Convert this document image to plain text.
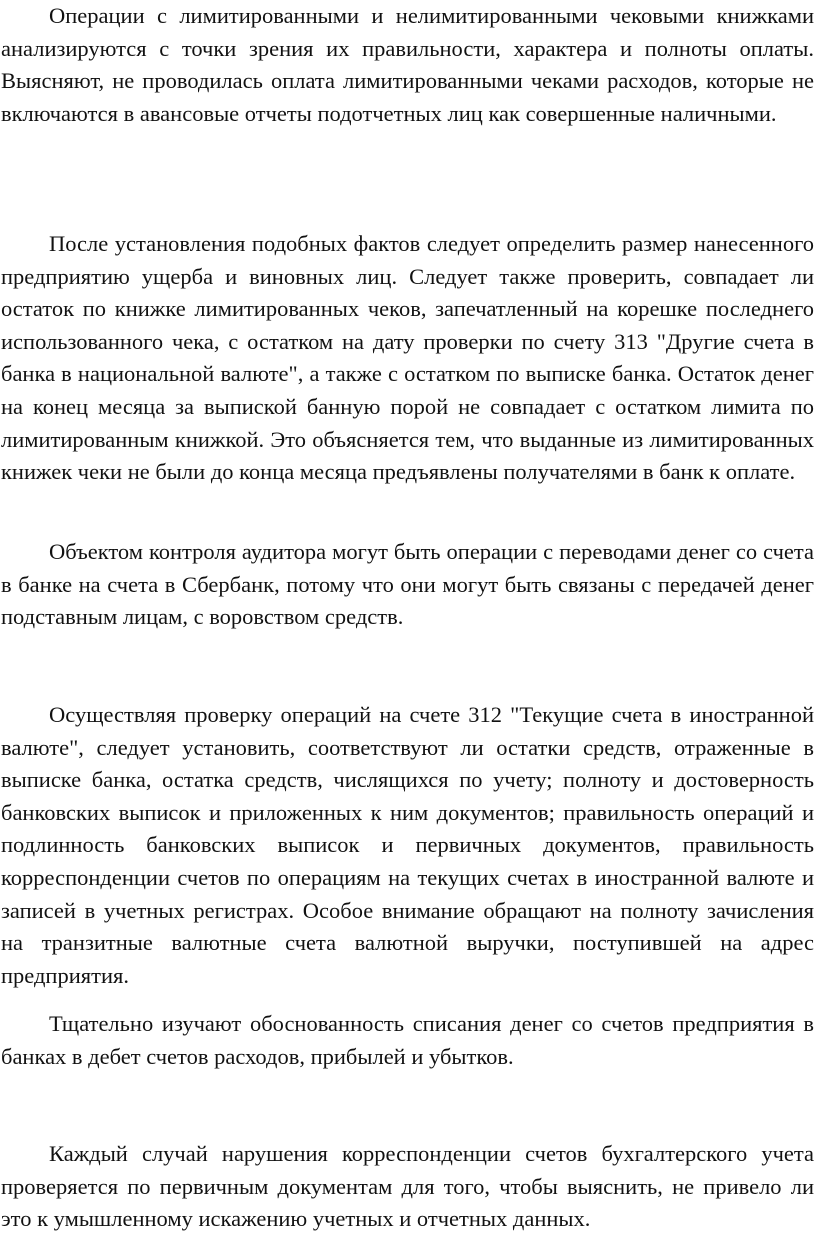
Операции с лимитированными и нелимитированными чековыми книжками анализируются с точки зрения их правильности, характера и полноты оплаты. Выясняют, не проводилась оплата лимитированными чеками расходов, которые не включаются в авансовые отчеты подотчетных лиц как совершенные наличными.

После установления подобных фактов следует определить размер нанесенного предприятию ущерба и виновных лиц. Следует также проверить, совпадает ли остаток по книжке лимитированных чеков, запечатленный на корешке последнего использованного чека, с остатком на дату проверки по счету 313 "Другие счета в банка в национальной валюте", а также с остатком по выписке банка. Остаток денег на конец месяца за выпиской банную порой не совпадает с остатком лимита по лимитированным книжкой. Это объясняется тем, что выданные из лимитированных книжек чеки не были до конца месяца предъявлены получателями в банк к оплате.

Объектом контроля аудитора могут быть операции с переводами денег со счета в банке на счета в Сбербанк, потому что они могут быть связаны с передачей денег подставным лицам, с воровством средств.

Осуществляя проверку операций на счете 312 "Текущие счета в иностранной валюте", следует установить, соответствуют ли остатки средств, отраженные в выписке банка, остатка средств, числящихся по учету; полноту и достоверность банковских выписок и приложенных к ним документов; правильность операций и подлинность банковских выписок и первичных документов, правильность корреспонденции счетов по операциям на текущих счетах в иностранной валюте и записей в учетных регистрах. Особое внимание обращают на полноту зачисления на транзитные валютные счета валютной выручки, поступившей на адрес предприятия.

Тщательно изучают обоснованность списания денег со счетов предприятия в банках в дебет счетов расходов, прибылей и убытков.

Каждый случай нарушения корреспонденции счетов бухгалтерского учета проверяется по первичным документам для того, чтобы выяснить, не привело ли это к умышленному искажению учетных и отчетных данных.
